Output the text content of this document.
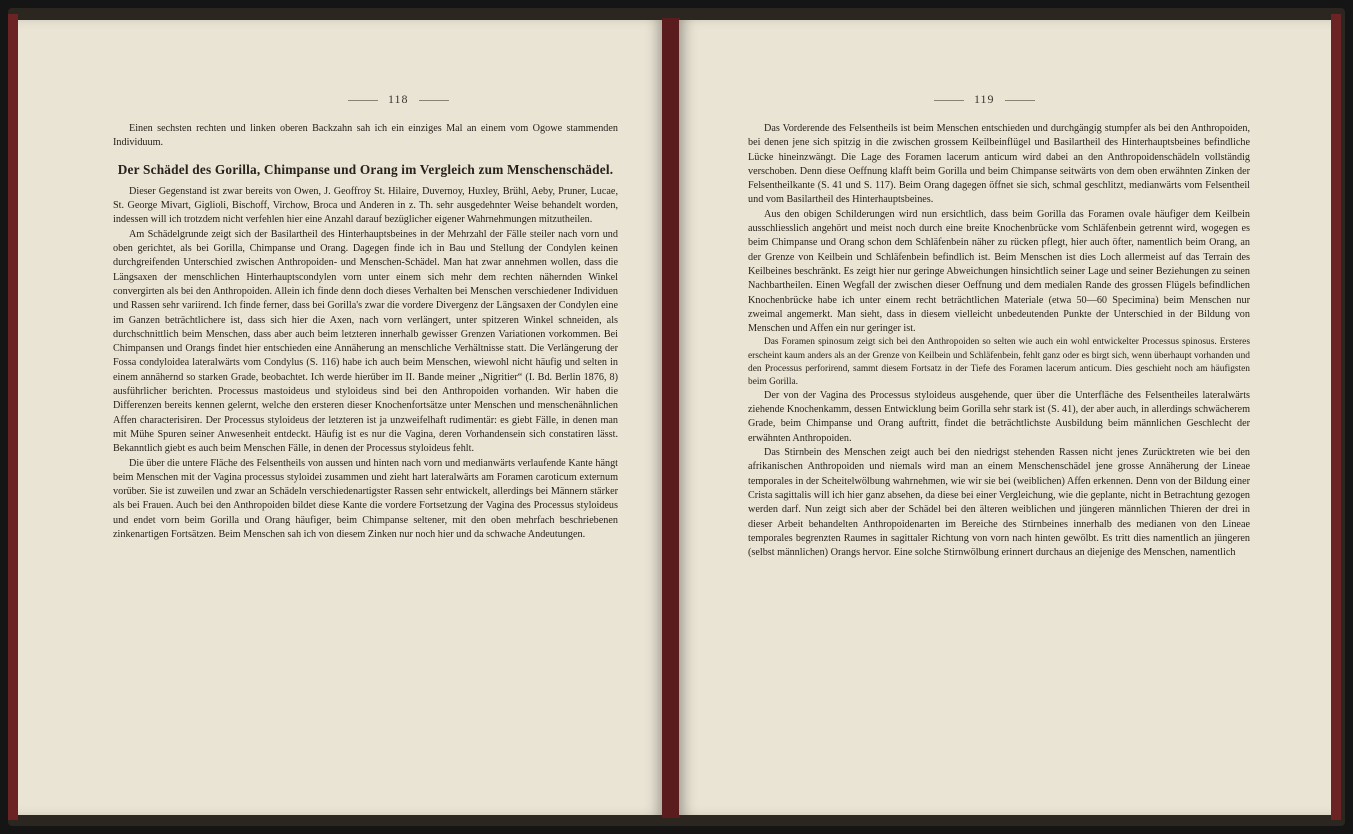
118

Einen sechsten rechten und linken oberen Backzahn sah ich ein einziges Mal an einem vom Ogowe stammenden Individuum.

Der Schädel des Gorilla, Chimpanse und Orang im Vergleich zum Menschenschädel.

Dieser Gegenstand ist zwar bereits von Owen, J. Geoffroy St. Hilaire, Duvernoy, Huxley, Brühl, Aeby, Pruner, Lucae, St. George Mivart, Giglioli, Bischoff, Virchow, Broca und Anderen in z. Th. sehr ausgedehnter Weise behandelt worden, indessen will ich trotzdem nicht verfehlen hier eine Anzahl darauf bezüglicher eigener Wahrnehmungen mitzutheilen.

Am Schädelgrunde zeigt sich der Basilartheil des Hinterhauptsbeines in der Mehrzahl der Fälle steiler nach vorn und oben gerichtet, als bei Gorilla, Chimpanse und Orang. Dagegen finde ich in Bau und Stellung der Condylen keinen durchgreifenden Unterschied zwischen Anthropoiden- und Menschen-Schädel. Man hat zwar annehmen wollen, dass die Längsaxen der menschlichen Hinterhauptscondylen vorn unter einem sich mehr dem rechten nähernden Winkel convergirten als bei den Anthropoiden. Allein ich finde denn doch dieses Verhalten bei Menschen verschiedener Individuen und Rassen sehr variirend. Ich finde ferner, dass bei Gorilla's zwar die vordere Divergenz der Längsaxen der Condylen eine im Ganzen beträchtlichere ist, dass sich hier die Axen, nach vorn verlängert, unter spitzeren Winkel schneiden, als durchschnittlich beim Menschen, dass aber auch beim letzteren innerhalb gewisser Grenzen Variationen vorkommen. Bei Chimpansen und Orangs findet hier entschieden eine Annäherung an menschliche Verhältnisse statt. Die Verlängerung der Fossa condyloidea lateralwärts vom Condylus (S. 116) habe ich auch beim Menschen, wiewohl nicht häufig und selten in einem annähernd so starken Grade, beobachtet. Ich werde hierüber im II. Bande meiner „Nigritier“ (I. Bd. Berlin 1876, 8) ausführlicher berichten. Processus mastoideus und styloideus sind bei den Anthropoiden vorhanden. Wir haben die Differenzen bereits kennen gelernt, welche den ersteren dieser Knochenfortsätze unter Menschen und menschenähnlichen Affen characterisiren. Der Processus styloideus der letzteren ist ja unzweifelhaft rudimentär: es giebt Fälle, in denen man mit Mühe Spuren seiner Anwesenheit entdeckt. Häufig ist es nur die Vagina, deren Vorhandensein sich constatiren lässt. Bekanntlich giebt es auch beim Menschen Fälle, in denen der Processus styloideus fehlt.

Die über die untere Fläche des Felsentheils von aussen und hinten nach vorn und medianwärts verlaufende Kante hängt beim Menschen mit der Vagina processus styloidei zusammen und zieht hart lateralwärts am Foramen caroticum externum vorüber. Sie ist zuweilen und zwar an Schädeln verschiedenartigster Rassen sehr entwickelt, allerdings bei Männern stärker als bei Frauen. Auch bei den Anthropoiden bildet diese Kante die vordere Fortsetzung der Vagina des Processus styloideus und endet vorn beim Gorilla und Orang häufiger, beim Chimpanse seltener, mit den oben mehrfach beschriebenen zinkenartigen Fortsätzen. Beim Menschen sah ich von diesem Zinken nur noch hier und da schwache Andeutungen.

119

Das Vorderende des Felsentheils ist beim Menschen entschieden und durchgängig stumpfer als bei den Anthropoiden, bei denen jene sich spitzig in die zwischen grossem Keilbeinflügel und Basilartheil des Hinterhauptsbeines befindliche Lücke hineinzwängt. Die Lage des Foramen lacerum anticum wird dabei an den Anthropoidenschädeln vollständig verschoben. Denn diese Oeffnung klafft beim Gorilla und beim Chimpanse seitwärts von dem oben erwähnten Zinken der Felsentheilkante (S. 41 und S. 117). Beim Orang dagegen öffnet sie sich, schmal geschlitzt, medianwärts vom Felsentheil und vom Basilartheil des Hinterhauptsbeines.

Aus den obigen Schilderungen wird nun ersichtlich, dass beim Gorilla das Foramen ovale häufiger dem Keilbein ausschliesslich angehört und meist noch durch eine breite Knochenbrücke vom Schläfenbein getrennt wird, wogegen es beim Chimpanse und Orang schon dem Schläfenbein näher zu rücken pflegt, hier auch öfter, namentlich beim Orang, an der Grenze von Keilbein und Schläfenbein befindlich ist. Beim Menschen ist dies Loch allermeist auf das Terrain des Keilbeines beschränkt. Es zeigt hier nur geringe Abweichungen hinsichtlich seiner Lage und seiner Beziehungen zu seinen Nachbartheilen. Einen Wegfall der zwischen dieser Oeffnung und dem medialen Rande des grossen Flügels befindlichen Knochenbrücke habe ich unter einem recht beträchtlichen Materiale (etwa 50—60 Specimina) beim Menschen nur zweimal angemerkt. Man sieht, dass in diesem vielleicht unbedeutenden Punkte der Unterschied in der Bildung von Menschen und Affen ein nur geringer ist.

Das Foramen spinosum zeigt sich bei den Anthropoiden so selten wie auch ein wohl entwickelter Processus spinosus. Ersteres erscheint kaum anders als an der Grenze von Keilbein und Schläfenbein, fehlt ganz oder es birgt sich, wenn überhaupt vorhanden und den Processus perforirend, sammt diesem Fortsatz in der Tiefe des Foramen lacerum anticum. Dies geschieht noch am häufigsten beim Gorilla.

Der von der Vagina des Processus styloideus ausgehende, quer über die Unterfläche des Felsentheiles lateralwärts ziehende Knochenkamm, dessen Entwicklung beim Gorilla sehr stark ist (S. 41), der aber auch, in allerdings schwächerem Grade, beim Chimpanse und Orang auftritt, findet die beträchtlichste Ausbildung beim männlichen Geschlecht der erwähnten Anthropoiden.

Das Stirnbein des Menschen zeigt auch bei den niedrigst stehenden Rassen nicht jenes Zurücktreten wie bei den afrikanischen Anthropoiden und niemals wird man an einem Menschenschädel jene grosse Annäherung der Lineae temporales in der Scheitelwölbung wahrnehmen, wie wir sie bei (weiblichen) Affen erkennen. Denn von der Bildung einer Crista sagittalis will ich hier ganz absehen, da diese bei einer Vergleichung, wie die geplante, nicht in Betrachtung gezogen werden darf. Nun zeigt sich aber der Schädel bei den älteren weiblichen und jüngeren männlichen Thieren der drei in dieser Arbeit behandelten Anthropoidenarten im Bereiche des Stirnbeines innerhalb des medianen von den Lineae temporales begrenzten Raumes in sagittaler Richtung von vorn nach hinten gewölbt. Es tritt dies namentlich an jüngeren (selbst männlichen) Orangs hervor. Eine solche Stirnwölbung erinnert durchaus an diejenige des Menschen, namentlich
